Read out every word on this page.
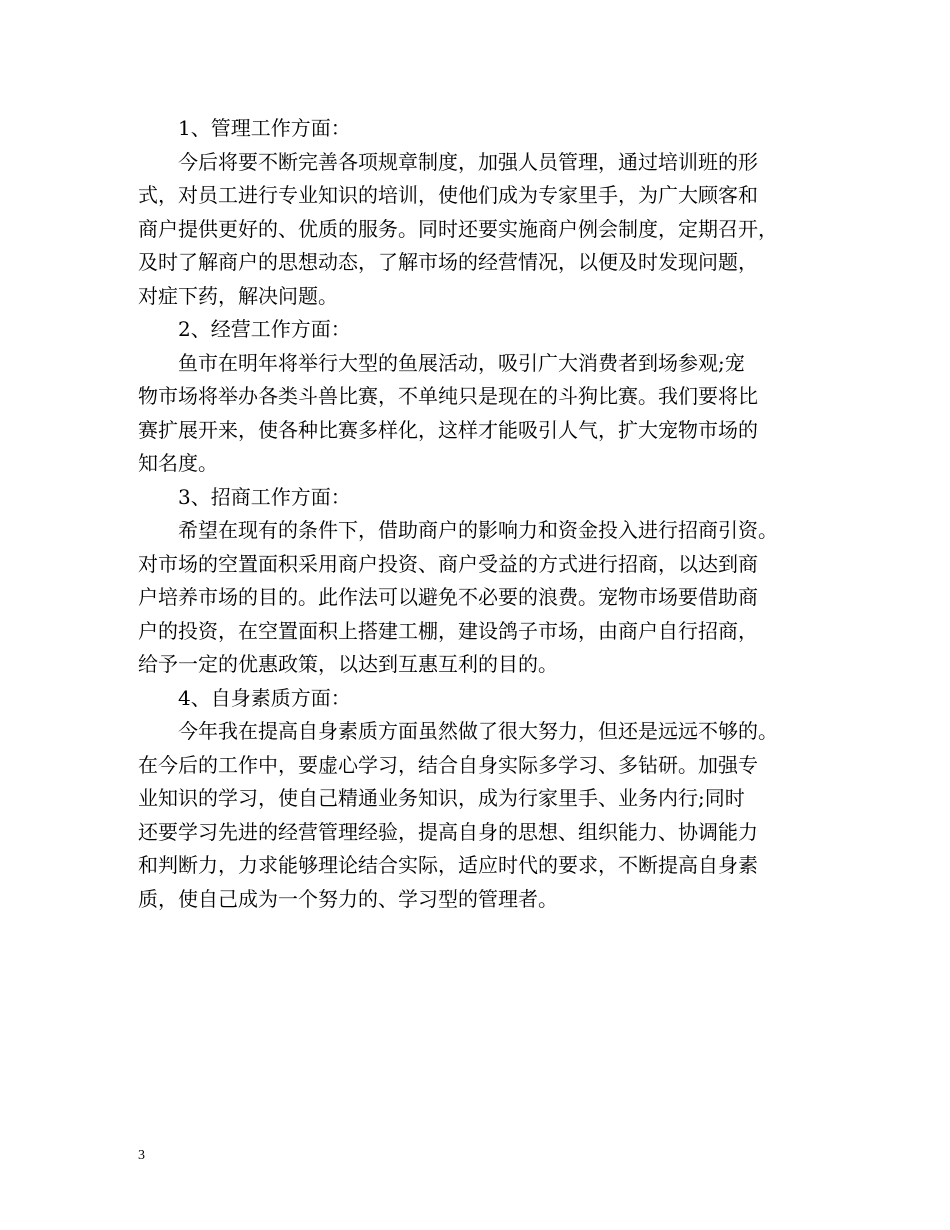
1、管理工作方面：
今后将要不断完善各项规章制度，加强人员管理，通过培训班的形
式，对员工进行专业知识的培训，使他们成为专家里手，为广大顾客和
商户提供更好的、优质的服务。同时还要实施商户例会制度，定期召开，
及时了解商户的思想动态，了解市场的经营情况，以便及时发现问题，
对症下药，解决问题。
2、经营工作方面：
鱼市在明年将举行大型的鱼展活动，吸引广大消费者到场参观;宠
物市场将举办各类斗兽比赛，不单纯只是现在的斗狗比赛。我们要将比
赛扩展开来，使各种比赛多样化，这样才能吸引人气，扩大宠物市场的
知名度。
3、招商工作方面：
希望在现有的条件下，借助商户的影响力和资金投入进行招商引资。
对市场的空置面积采用商户投资、商户受益的方式进行招商，以达到商
户培养市场的目的。此作法可以避免不必要的浪费。宠物市场要借助商
户的投资，在空置面积上搭建工棚，建设鸽子市场，由商户自行招商，
给予一定的优惠政策，以达到互惠互利的目的。
4、自身素质方面：
今年我在提高自身素质方面虽然做了很大努力，但还是远远不够的。
在今后的工作中，要虚心学习，结合自身实际多学习、多钻研。加强专
业知识的学习，使自己精通业务知识，成为行家里手、业务内行;同时
还要学习先进的经营管理经验，提高自身的思想、组织能力、协调能力
和判断力，力求能够理论结合实际，适应时代的要求，不断提高自身素
质，使自己成为一个努力的、学习型的管理者。
3
